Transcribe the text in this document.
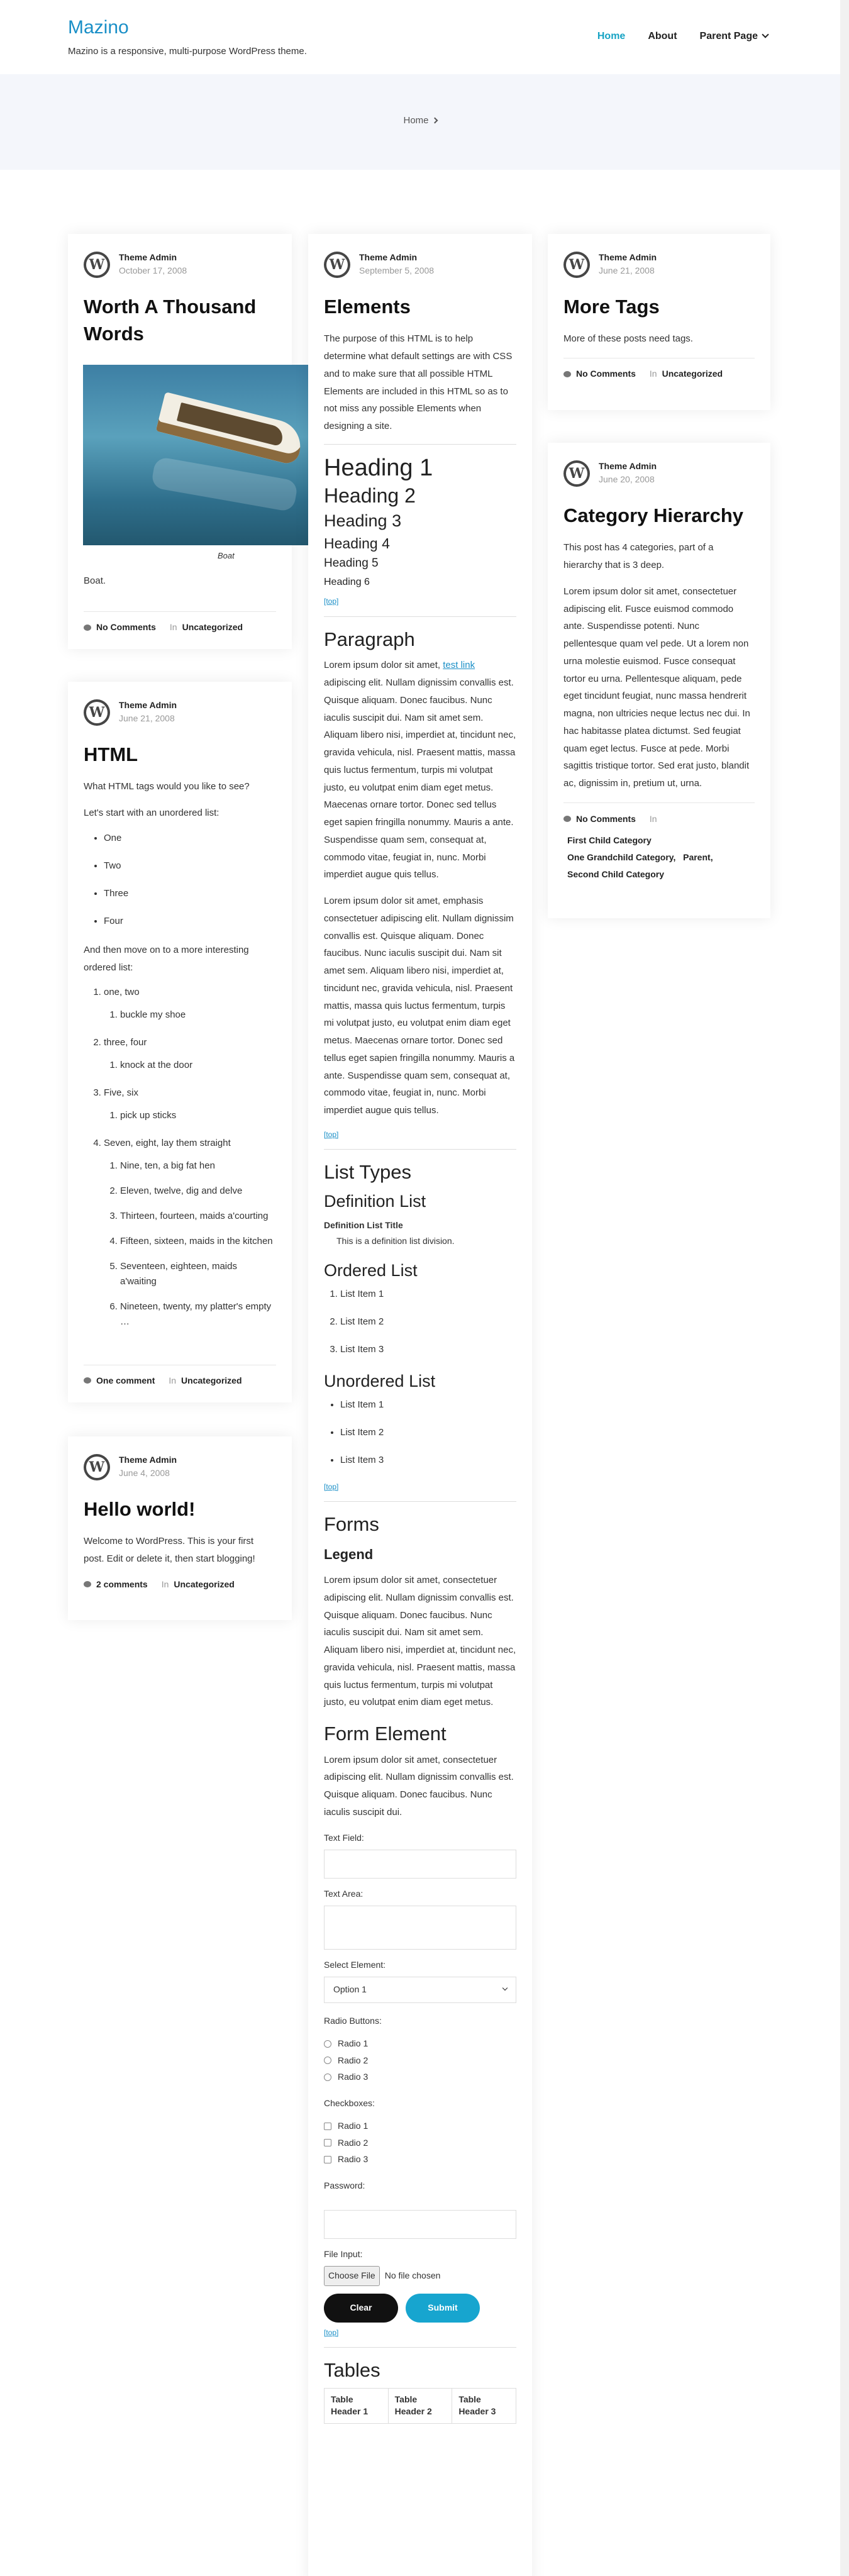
Mazino
Mazino is a responsive, multi-purpose WordPress theme.
Home About Parent Page
Home
W
Theme Admin
October 17, 2008
Worth A Thousand Words
Boat

Boat.

No Comments In Uncategorized
W
Theme Admin
June 21, 2008
HTML

What HTML tags would you like to see?

Let's start with an unordered list:

• One
• Two
• Three
• Four

And then move on to a more interesting ordered list:

1. one, two
1. buckle my shoe
2. three, four
1. knock at the door
3. Five, six
1. pick up sticks
4. Seven, eight, lay them straight
1. Nine, ten, a big fat hen
2. Eleven, twelve, dig and delve
3. Thirteen, fourteen, maids a'courting
4. Fifteen, sixteen, maids in the kitchen
5. Seventeen, eighteen, maids a'waiting
6. Nineteen, twenty, my platter's empty …
One comment In Uncategorized
W
Theme Admin
June 4, 2008
Hello world!

Welcome to WordPress. This is your first post. Edit or delete it, then start blogging!

2 comments In Uncategorized
W
Theme Admin
September 5, 2008
Elements

The purpose of this HTML is to help determine what default settings are with CSS and to make sure that all possible HTML Elements are included in this HTML so as to not miss any possible Elements when designing a site.

Heading 1
Heading 2
Heading 3
Heading 4
Heading 5
Heading 6
[top]
Paragraph

Lorem ipsum dolor sit amet, test link adipiscing elit. Nullam dignissim convallis est. Quisque aliquam. Donec faucibus. Nunc iaculis suscipit dui. Nam sit amet sem. Aliquam libero nisi, imperdiet at, tincidunt nec, gravida vehicula, nisl. Praesent mattis, massa quis luctus fermentum, turpis mi volutpat justo, eu volutpat enim diam eget metus. Maecenas ornare tortor. Donec sed tellus eget sapien fringilla nonummy. Mauris a ante. Suspendisse quam sem, consequat at, commodo vitae, feugiat in, nunc. Morbi imperdiet augue quis tellus.

Lorem ipsum dolor sit amet, emphasis consectetuer adipiscing elit. Nullam dignissim convallis est. Quisque aliquam. Donec faucibus. Nunc iaculis suscipit dui. Nam sit amet sem. Aliquam libero nisi, imperdiet at, tincidunt nec, gravida vehicula, nisl. Praesent mattis, massa quis luctus fermentum, turpis mi volutpat justo, eu volutpat enim diam eget metus. Maecenas ornare tortor. Donec sed tellus eget sapien fringilla nonummy. Mauris a ante. Suspendisse quam sem, consequat at, commodo vitae, feugiat in, nunc. Morbi imperdiet augue quis tellus.

[top]
List Types
Definition List
Definition List Title
This is a definition list division.
Ordered List
1. List Item 1
2. List Item 2
3. List Item 3
Unordered List
• List Item 1
• List Item 2
• List Item 3
[top]
Forms
Legend

Lorem ipsum dolor sit amet, consectetuer adipiscing elit. Nullam dignissim convallis est. Quisque aliquam. Donec faucibus. Nunc iaculis suscipit dui. Nam sit amet sem. Aliquam libero nisi, imperdiet at, tincidunt nec, gravida vehicula, nisl. Praesent mattis, massa quis luctus fermentum, turpis mi volutpat justo, eu volutpat enim diam eget metus.

Form Element

Lorem ipsum dolor sit amet, consectetuer adipiscing elit. Nullam dignissim convallis est. Quisque aliquam. Donec faucibus. Nunc iaculis suscipit dui.

Text Field:
Text Area:
Select Element:
Option 1
Radio Buttons:
Radio 1
Radio 2
Radio 3
Checkboxes:
Radio 1
Radio 2
Radio 3
Password:
File Input:
Choose File	No file chosen
Clear	Submit
[top]
Tables
Table Header 1	Table Header 2	Table Header 3
W
Theme Admin
June 21, 2008
More Tags

More of these posts need tags.

No Comments In Uncategorized
W
Theme Admin
June 20, 2008
Category Hierarchy

This post has 4 categories, part of a hierarchy that is 3 deep.

Lorem ipsum dolor sit amet, consectetuer adipiscing elit. Fusce euismod commodo ante. Suspendisse potenti. Nunc pellentesque quam vel pede. Ut a lorem non urna molestie euismod. Fusce consequat tortor eu urna. Pellentesque aliquam, pede eget tincidunt feugiat, nunc massa hendrerit magna, non ultricies neque lectus nec dui. In hac habitasse platea dictumst. Sed feugiat quam eget lectus. Fusce at pede. Morbi sagittis tristique tortor. Sed erat justo, blandit ac, dignissim in, pretium ut, urna.

No Comments In
First Child Category
One Grandchild Category,   Parent,
Second Child Category
